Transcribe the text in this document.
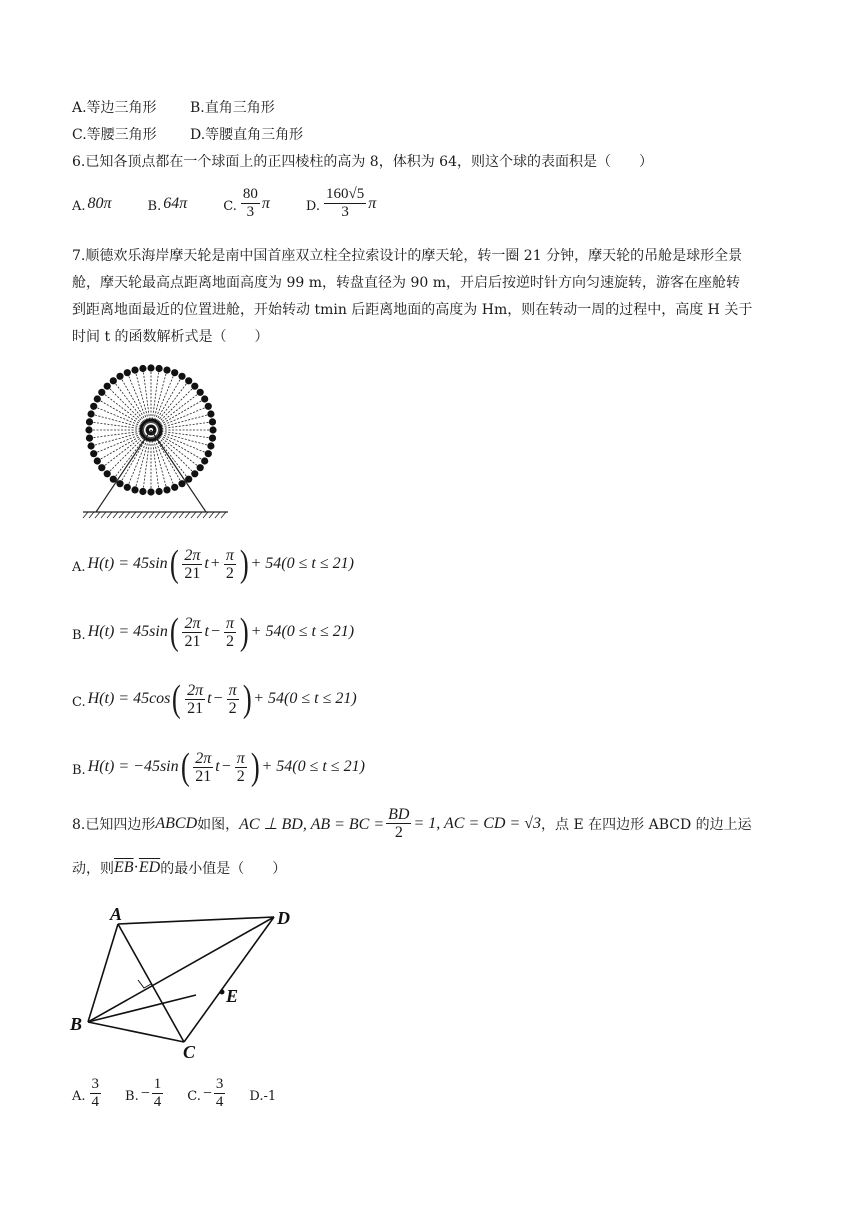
A.等边三角形 B.直角三角形
C.等腰三角形 D.等腰直角三角形
6.已知各顶点都在一个球面上的正四棱柱的高为 8，体积为 64，则这个球的表面积是（　　）
A. 80π	B. 64π	C. $\frac{80}{3}$ π	D. $\frac{160√5}{3}$ π
7.顺德欢乐海岸摩天轮是南中国首座双立柱全拉索设计的摩天轮，转一圈 21 分钟，摩天轮的吊舱是球形全景
舱，摩天轮最高点距离地面高度为 99 m，转盘直径为 90 m，开启后按逆时针方向匀速旋转，游客在座舱转
到距离地面最近的位置进舱，开始转动 tmin 后距离地面的高度为 Hm，则在转动一周的过程中，高度 H 关于
时间 t 的函数解析式是（　　）
A. H(t) = 45sin ( $\frac{2\pi}{21}$ $t + \frac{\pi}{2}$ ) + 54(0 ≤ t ≤ 21)
B. H(t) = 45sin ( $\frac{2\pi}{21}$ $t - \frac{\pi}{2}$ ) + 54(0 ≤ t ≤ 21)
C. H(t) = 45cos ( $\frac{2\pi}{21}$ $t - \frac{\pi}{2}$ ) + 54(0 ≤ t ≤ 21)
B. H(t) = −45sin ( $\frac{2\pi}{21}$ $t - \frac{\pi}{2}$ ) + 54(0 ≤ t ≤ 21)
8.已知四边形 ABCD 如图， AC ⊥ BD, AB = BC = $\frac{BD}{2} = 1$, AC = CD = √3 ，点 E 在四边形 ABCD 的边上运
动，则 $\overline{EB} \cdot \overline{ED}$ 的最小值是（　　）
A	D
B
C
E
A. $\frac{3}{4} B$. − $\frac{1}{4} C$. − $\frac{3}{4} D.-1$
